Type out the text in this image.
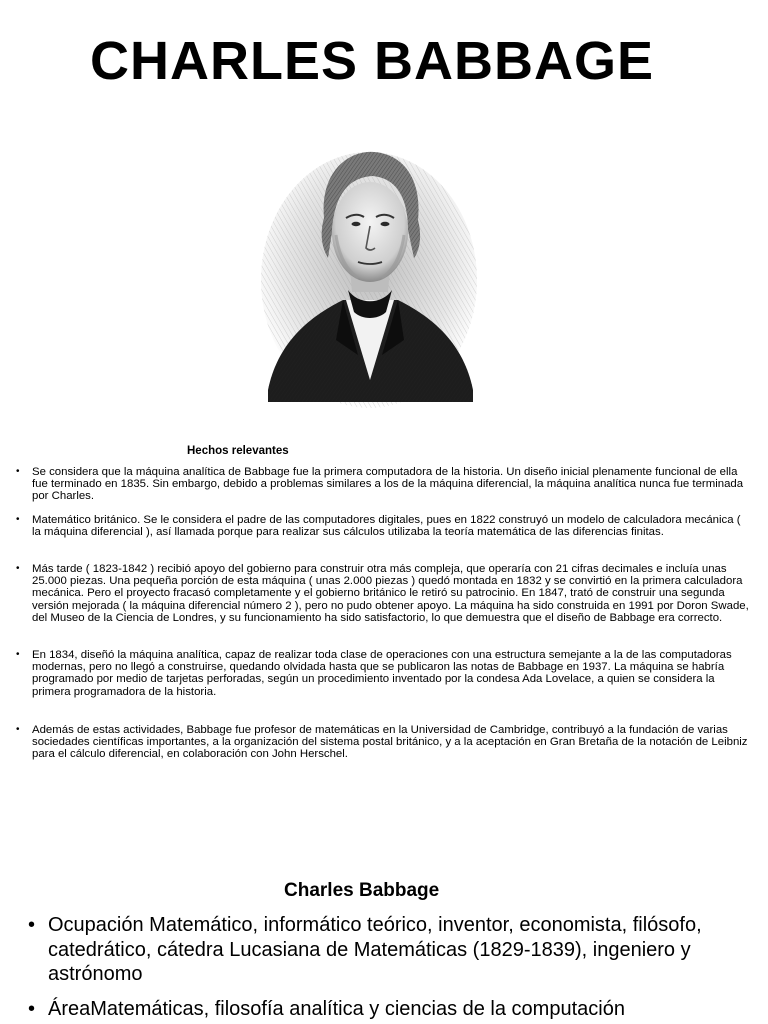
CHARLES BABBAGE

Hechos relevantes

• Se considera que la máquina analítica de Babbage fue la primera computadora de la historia. Un diseño inicial plenamente funcional de ella fue terminado en 1835. Sin embargo, debido a problemas similares a los de la máquina diferencial, la máquina analítica nunca fue terminada por Charles.
• Matemático británico. Se le considera el padre de las computadores digitales, pues en 1822 construyó un modelo de calculadora mecánica ( la máquina diferencial ), así llamada porque para realizar sus cálculos utilizaba la teoría matemática de las diferencias finitas.
• Más tarde ( 1823-1842 ) recibió apoyo del gobierno para construir otra más compleja, que operaría con 21 cifras decimales e incluía unas 25.000 piezas. Una pequeña porción de esta máquina ( unas 2.000 piezas ) quedó montada en 1832 y se convirtió en la primera calculadora mecánica. Pero el proyecto fracasó completamente y el gobierno británico le retiró su patrocinio. En 1847, trató de construir una segunda versión mejorada ( la máquina diferencial número 2 ), pero no pudo obtener apoyo. La máquina ha sido construida en 1991 por Doron Swade, del Museo de la Ciencia de Londres, y su funcionamiento ha sido satisfactorio, lo que demuestra que el diseño de Babbage era correcto.
• En 1834, diseñó la máquina analítica, capaz de realizar toda clase de operaciones con una estructura semejante a la de las computadoras modernas, pero no llegó a construirse, quedando olvidada hasta que se publicaron las notas de Babbage en 1937. La máquina se habría programado por medio de tarjetas perforadas, según un procedimiento inventado por la condesa Ada Lovelace, a quien se considera la primera programadora de la historia.
• Además de estas actividades, Babbage fue profesor de matemáticas en la Universidad de Cambridge, contribuyó a la fundación de varias sociedades científicas importantes, a la organización del sistema postal británico, y a la aceptación en Gran Bretaña de la notación de Leibniz para el cálculo diferencial, en colaboración con John Herschel.

Charles Babbage

• Ocupación Matemático, informático teórico, inventor, economista, filósofo, catedrático, cátedra Lucasiana de Matemáticas (1829-1839), ingeniero y astrónomo
• ÁreaMatemáticas, filosofía analítica y ciencias de la computación
